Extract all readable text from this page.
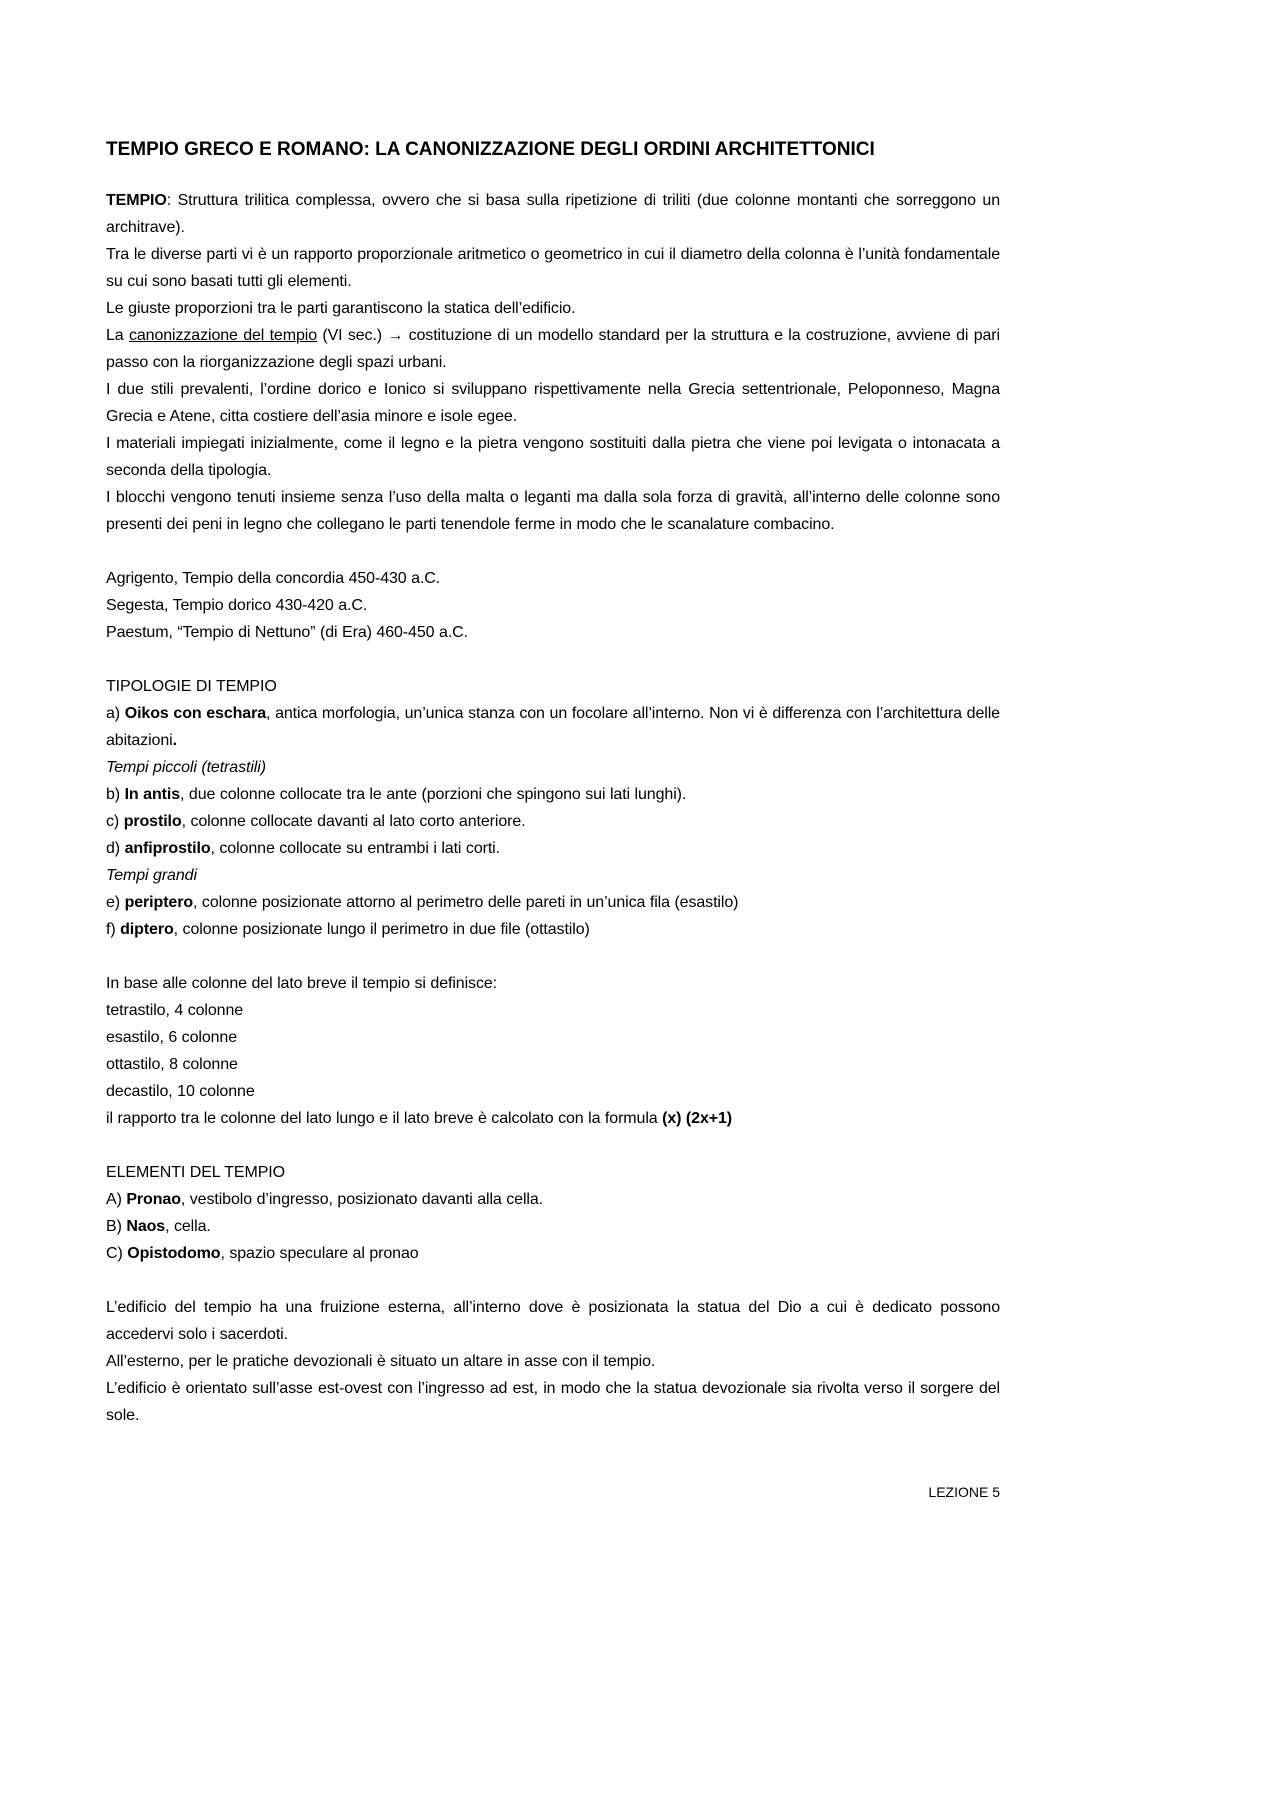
TEMPIO GRECO E ROMANO: LA CANONIZZAZIONE DEGLI ORDINI ARCHITETTONICI

TEMPIO: Struttura trilitica complessa, ovvero che si basa sulla ripetizione di triliti (due colonne montanti che sorreggono un architrave).

Tra le diverse parti vi è un rapporto proporzionale aritmetico o geometrico in cui il diametro della colonna è l’unità fondamentale su cui sono basati tutti gli elementi.

Le giuste proporzioni tra le parti garantiscono la statica dell’edificio.

La canonizzazione del tempio (VI sec.) → costituzione di un modello standard per la struttura e la costruzione, avviene di pari passo con la riorganizzazione degli spazi urbani.

I due stili prevalenti, l’ordine dorico e Ionico si sviluppano rispettivamente nella Grecia settentrionale, Peloponneso, Magna Grecia e Atene, citta costiere dell’asia minore e isole egee.

I materiali impiegati inizialmente, come il legno e la pietra vengono sostituiti dalla pietra che viene poi levigata o intonacata a seconda della tipologia.

I blocchi vengono tenuti insieme senza l’uso della malta o leganti ma dalla sola forza di gravità, all’interno delle colonne sono presenti dei peni in legno che collegano le parti tenendole ferme in modo che le scanalature combacino.

Agrigento, Tempio della concordia 450-430 a.C.

Segesta, Tempio dorico 430-420 a.C.

Paestum, “Tempio di Nettuno” (di Era) 460-450 a.C.

TIPOLOGIE DI TEMPIO

a) Oikos con eschara, antica morfologia, un’unica stanza con un focolare all’interno. Non vi è differenza con l’architettura delle abitazioni.

Tempi piccoli (tetrastili)

b) In antis, due colonne collocate tra le ante (porzioni che spingono sui lati lunghi).

c) prostilo, colonne collocate davanti al lato corto anteriore.

d) anfiprostilo, colonne collocate su entrambi i lati corti.

Tempi grandi

e) periptero, colonne posizionate attorno al perimetro delle pareti in un’unica fila (esastilo)

f) diptero, colonne posizionate lungo il perimetro in due file (ottastilo)

In base alle colonne del lato breve il tempio si definisce:

tetrastilo, 4 colonne

esastilo, 6 colonne

ottastilo, 8 colonne

decastilo, 10 colonne

il rapporto tra le colonne del lato lungo e il lato breve è calcolato con la formula (x) (2x+1)

ELEMENTI DEL TEMPIO

A) Pronao, vestibolo d’ingresso, posizionato davanti alla cella.

B) Naos, cella.

C) Opistodomo, spazio speculare al pronao

L’edificio del tempio ha una fruizione esterna, all’interno dove è posizionata la statua del Dio a cui è dedicato possono accedervi solo i sacerdoti.

All’esterno, per le pratiche devozionali è situato un altare in asse con il tempio.

L’edificio è orientato sull’asse est-ovest con l’ingresso ad est, in modo che la statua devozionale sia rivolta verso il sorgere del sole.

LEZIONE 5
